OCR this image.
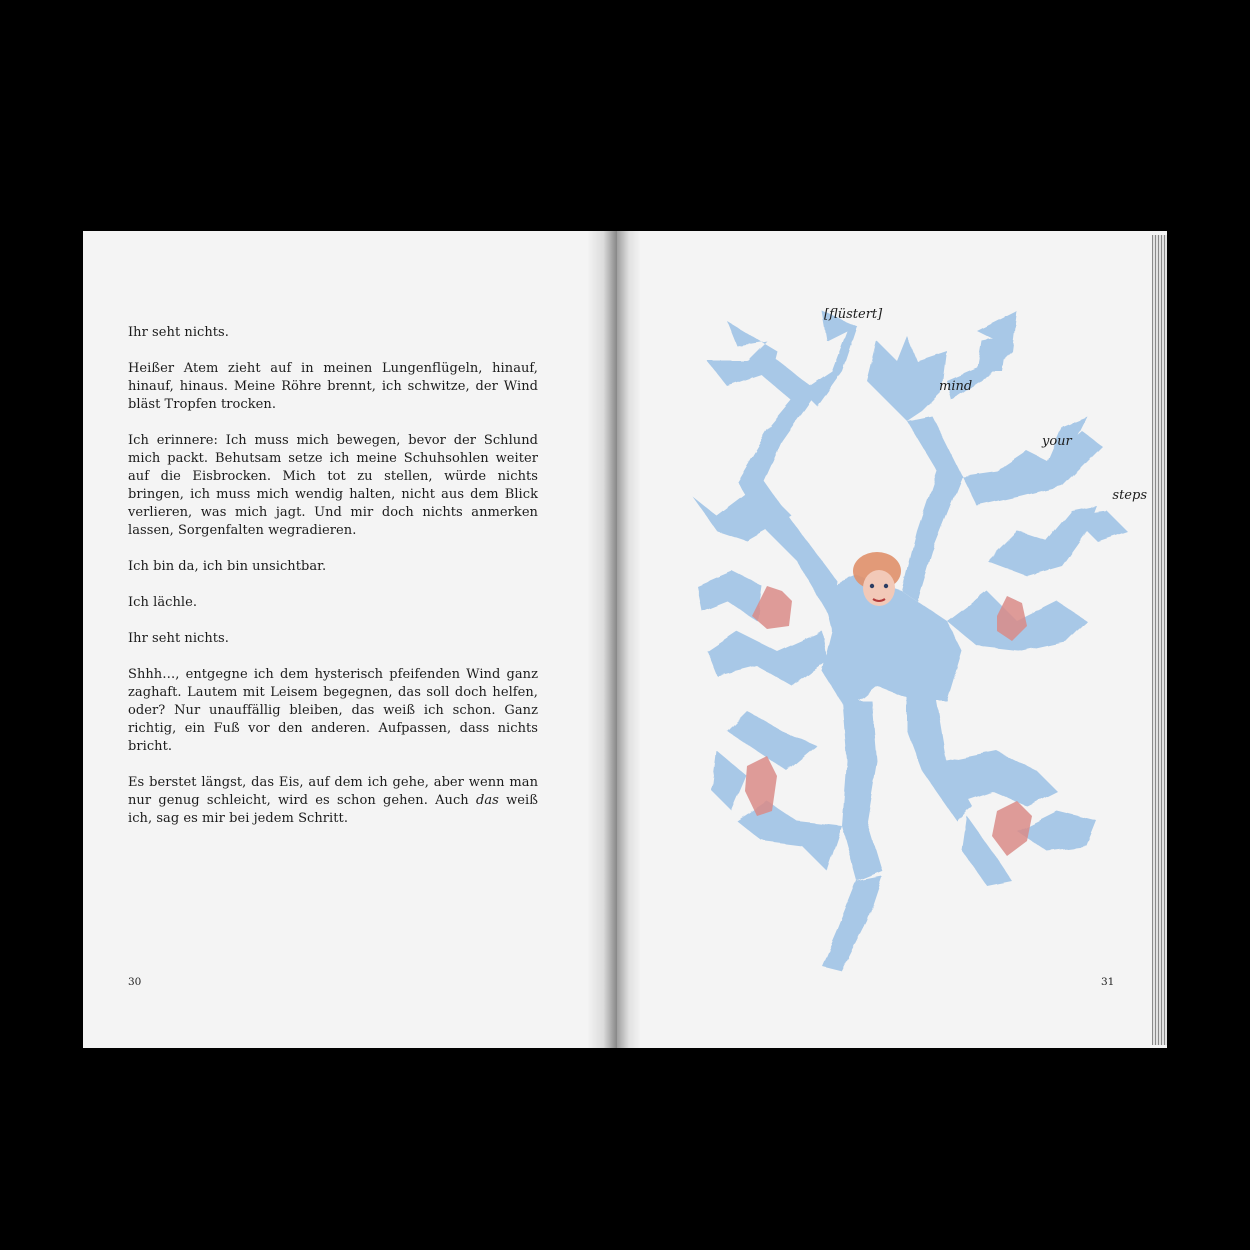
Ihr seht nichts.

Heißer Atem zieht auf in meinen Lungenflügeln, hinauf, hinauf, hinaus. Meine Röhre brennt, ich schwitze, der Wind bläst Tropfen trocken.

Ich erinnere: Ich muss mich bewegen, bevor der Schlund mich packt. Behutsam setze ich meine Schuhsohlen weiter auf die Eisbrocken. Mich tot zu stellen, würde nichts bringen, ich muss mich wendig halten, nicht aus dem Blick verlieren, was mich jagt. Und mir doch nichts anmerken lassen, Sorgenfalten wegradieren.

Ich bin da, ich bin unsichtbar.

Ich lächle.

Ihr seht nichts.

Shhh…, entgegne ich dem hysterisch pfeifenden Wind ganz zaghaft. Lautem mit Leisem begegnen, das soll doch helfen, oder? Nur unauffällig bleiben, das weiß ich schon. Ganz richtig, ein Fuß vor den anderen. Aufpassen, dass nichts bricht.

Es berstet längst, das Eis, auf dem ich gehe, aber wenn man nur genug schleicht, wird es schon gehen. Auch das weiß ich, sag es mir bei jedem Schritt.

30
[flüstert]
mind
your
steps
31
